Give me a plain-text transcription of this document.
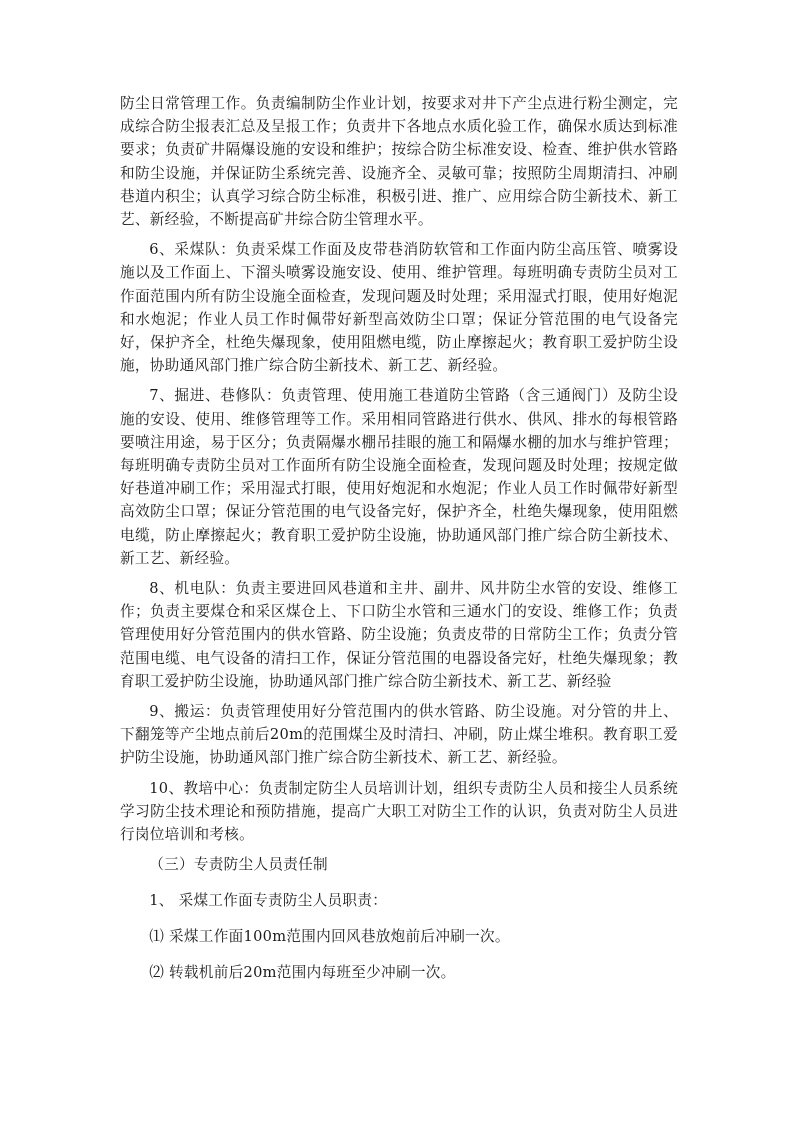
防尘日常管理工作。负责编制防尘作业计划，按要求对井下产尘点进行粉尘测定，完成综合防尘报表汇总及呈报工作；负责井下各地点水质化验工作，确保水质达到标准要求；负责矿井隔爆设施的安设和维护；按综合防尘标准安设、检查、维护供水管路和防尘设施，并保证防尘系统完善、设施齐全、灵敏可靠；按照防尘周期清扫、冲刷巷道内积尘；认真学习综合防尘标准，积极引进、推广、应用综合防尘新技术、新工艺、新经验，不断提高矿井综合防尘管理水平。

6、采煤队：负责采煤工作面及皮带巷消防软管和工作面内防尘高压管、喷雾设施以及工作面上、下溜头喷雾设施安设、使用、维护管理。每班明确专责防尘员对工作面范围内所有防尘设施全面检查，发现问题及时处理；采用湿式打眼，使用好炮泥和水炮泥；作业人员工作时佩带好新型高效防尘口罩；保证分管范围的电气设备完好，保护齐全，杜绝失爆现象，使用阻燃电缆，防止摩擦起火；教育职工爱护防尘设施，协助通风部门推广综合防尘新技术、新工艺、新经验。

7、掘进、巷修队：负责管理、使用施工巷道防尘管路（含三通阀门）及防尘设施的安设、使用、维修管理等工作。采用相同管路进行供水、供风、排水的每根管路要喷注用途，易于区分；负责隔爆水棚吊挂眼的施工和隔爆水棚的加水与维护管理；每班明确专责防尘员对工作面所有防尘设施全面检查，发现问题及时处理；按规定做好巷道冲刷工作；采用湿式打眼，使用好炮泥和水炮泥；作业人员工作时佩带好新型高效防尘口罩；保证分管范围的电气设备完好，保护齐全，杜绝失爆现象，使用阻燃电缆，防止摩擦起火；教育职工爱护防尘设施，协助通风部门推广综合防尘新技术、新工艺、新经验。

8、机电队：负责主要进回风巷道和主井、副井、风井防尘水管的安设、维修工作；负责主要煤仓和采区煤仓上、下口防尘水管和三通水门的安设、维修工作；负责管理使用好分管范围内的供水管路、防尘设施；负责皮带的日常防尘工作；负责分管范围电缆、电气设备的清扫工作，保证分管范围的电器设备完好，杜绝失爆现象；教育职工爱护防尘设施，协助通风部门推广综合防尘新技术、新工艺、新经验

9、搬运：负责管理使用好分管范围内的供水管路、防尘设施。对分管的井上、下翻笼等产尘地点前后20m的范围煤尘及时清扫、冲刷，防止煤尘堆积。教育职工爱护防尘设施，协助通风部门推广综合防尘新技术、新工艺、新经验。

10、教培中心：负责制定防尘人员培训计划，组织专责防尘人员和接尘人员系统学习防尘技术理论和预防措施，提高广大职工对防尘工作的认识，负责对防尘人员进行岗位培训和考核。

（三）专责防尘人员责任制

1、 采煤工作面专责防尘人员职责：

⑴ 采煤工作面100m范围内回风巷放炮前后冲刷一次。

⑵ 转载机前后20m范围内每班至少冲刷一次。
